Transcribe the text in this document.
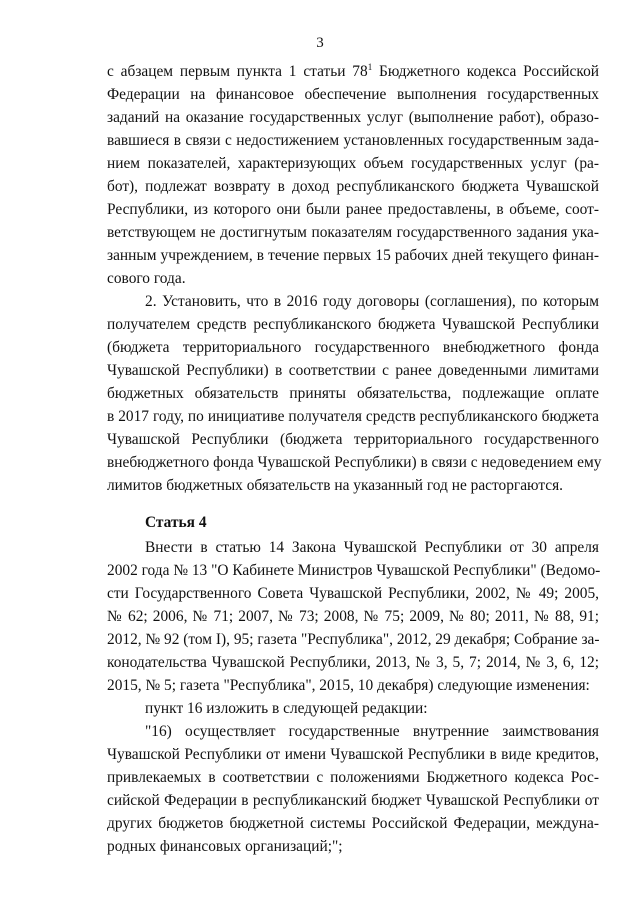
3
с абзацем первым пункта 1 статьи $78^1$ Бюджетного кодекса Российской
Федерации на финансовое обеспечение выполнения государственных
заданий на оказание государственных услуг (выполнение работ), образо-
вавшиеся в связи с недостижением установленных государственным зада-
нием показателей, характеризующих объем государственных услуг (ра-
бот), подлежат возврату в доход республиканского бюджета Чувашской
Республики, из которого они были ранее предоставлены, в объеме, соот-
ветствующем не достигнутым показателям государственного задания ука-
занным учреждением, в течение первых 15 рабочих дней текущего финан-
сового года.
2. Установить, что в 2016 году договоры (соглашения), по которым
получателем средств республиканского бюджета Чувашской Республики
(бюджета территориального государственного внебюджетного фонда
Чувашской Республики) в соответствии с ранее доведенными лимитами
бюджетных обязательств приняты обязательства, подлежащие оплате
в 2017 году, по инициативе получателя средств республиканского бюджета
Чувашской Республики (бюджета территориального государственного
внебюджетного фонда Чувашской Республики) в связи с недоведением ему
лимитов бюджетных обязательств на указанный год не расторгаются.
Статья 4
Внести в статью 14 Закона Чувашской Республики от 30 апреля
2002 года № 13 "О Кабинете Министров Чувашской Республики" (Ведомо-
сти Государственного Совета Чувашской Республики, 2002, № 49; 2005,
№ 62; 2006, № 71; 2007, № 73; 2008, № 75; 2009, № 80; 2011, № 88, 91;
2012, № 92 (том I), 95; газета "Республика", 2012, 29 декабря; Собрание за-
конодательства Чувашской Республики, 2013, № 3, 5, 7; 2014, № 3, 6, 12;
2015, № 5; газета "Республика", 2015, 10 декабря) следующие изменения:
пункт 16 изложить в следующей редакции:
"16) осуществляет государственные внутренние заимствования
Чувашской Республики от имени Чувашской Республики в виде кредитов,
привлекаемых в соответствии с положениями Бюджетного кодекса Рос-
сийской Федерации в республиканский бюджет Чувашской Республики от
других бюджетов бюджетной системы Российской Федерации, междуна-
родных финансовых организаций;";
